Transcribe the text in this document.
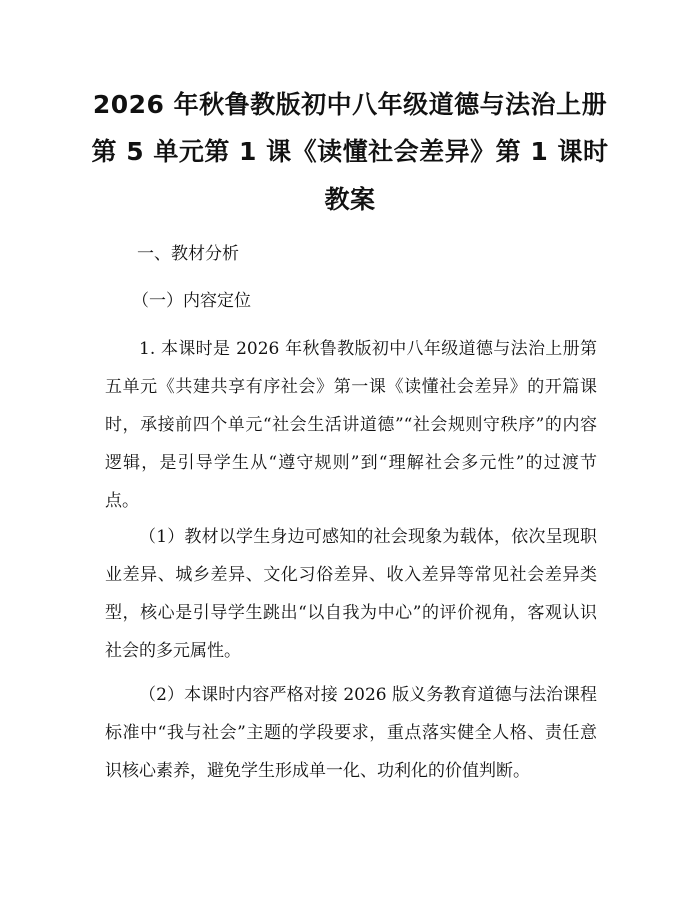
2026 年秋鲁教版初中八年级道德与法治上册
第 5 单元第 1 课《读懂社会差异》第 1 课时
教案
一、教材分析
（一）内容定位
1. 本课时是 2026 年秋鲁教版初中八年级道德与法治上册第五单元《共建共享有序社会》第一课《读懂社会差异》的开篇课时，承接前四个单元“社会生活讲道德”“社会规则守秩序”的内容逻辑，是引导学生从“遵守规则”到“理解社会多元性”的过渡节点。
（1）教材以学生身边可感知的社会现象为载体，依次呈现职业差异、城乡差异、文化习俗差异、收入差异等常见社会差异类型，核心是引导学生跳出“以自我为中心”的评价视角，客观认识社会的多元属性。
（2）本课时内容严格对接 2026 版义务教育道德与法治课程标准中“我与社会”主题的学段要求，重点落实健全人格、责任意识核心素养，避免学生形成单一化、功利化的价值判断。
